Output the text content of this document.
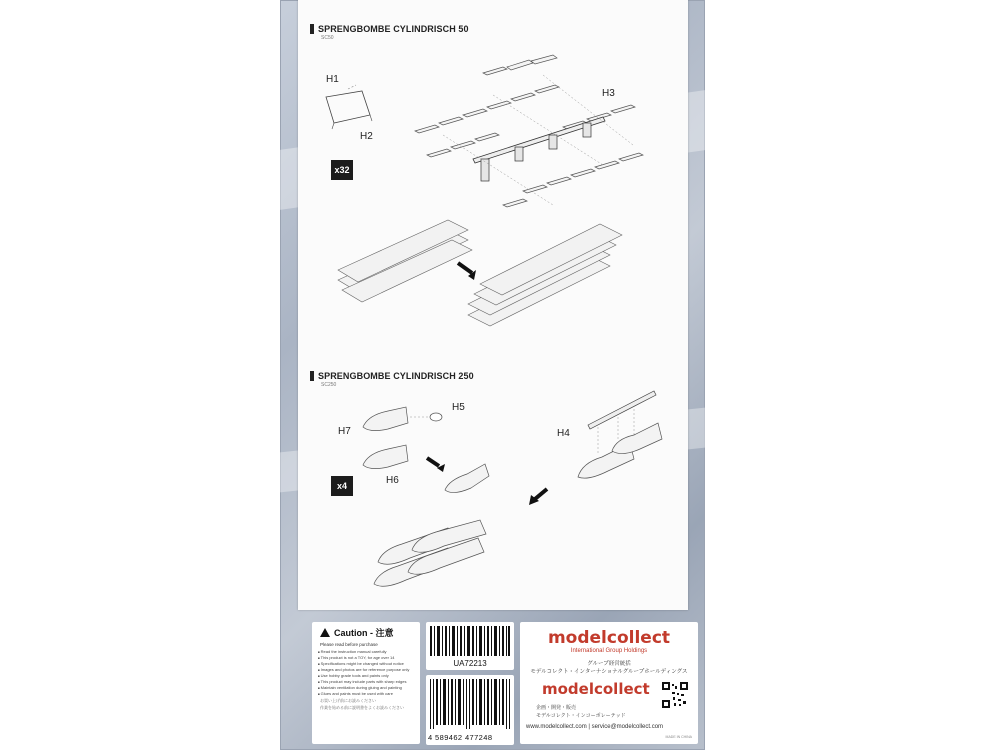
SPRENGBOMBE CYLINDRISCH 50
SC50
H1
H2
H3
x32
SPRENGBOMBE CYLINDRISCH 250
SC250
H7
H5
H6
H4
x4
Caution - 注意
Please read before purchase
■ Read the instruction manual carefully
■ This product is not a TOY, for age over 14
■ Specifications might be changed without notice
■ Images and photos are for reference purpose only
■ Use hobby grade tools and paints only
■ This product may include parts with sharp edges
■ Maintain ventilation during gluing and painting
■ Glues and paints must be used with care
お買い上げ前にお読みください
作業を始める前に説明書をよくお読みください
UA72213
4 589462 477248
modelcollect
International Group Holdings
グループ経営統括
モデルコレクト・インターナショナルグループホールディングス
modelcollect
企画・開発・販売
モデルコレクト・インコーポレーテッド
www.modelcollect.com | service@modelcollect.com
MADE IN CHINA
